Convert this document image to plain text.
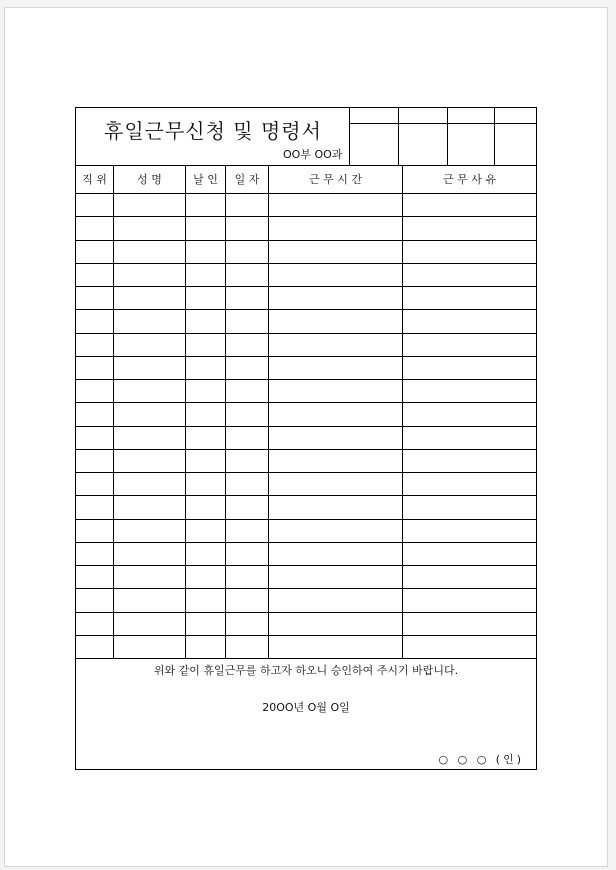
휴일근무신청 및 명령서
OO부 OO과
직 위	성 명	날 인	일 자	근 무 시 간	근 무 사 유
위와 같이 휴일근무를 하고자 하오니 승인하여 주시기 바랍니다.
20OO년 O월 O일
○ ○ ○ (인)
